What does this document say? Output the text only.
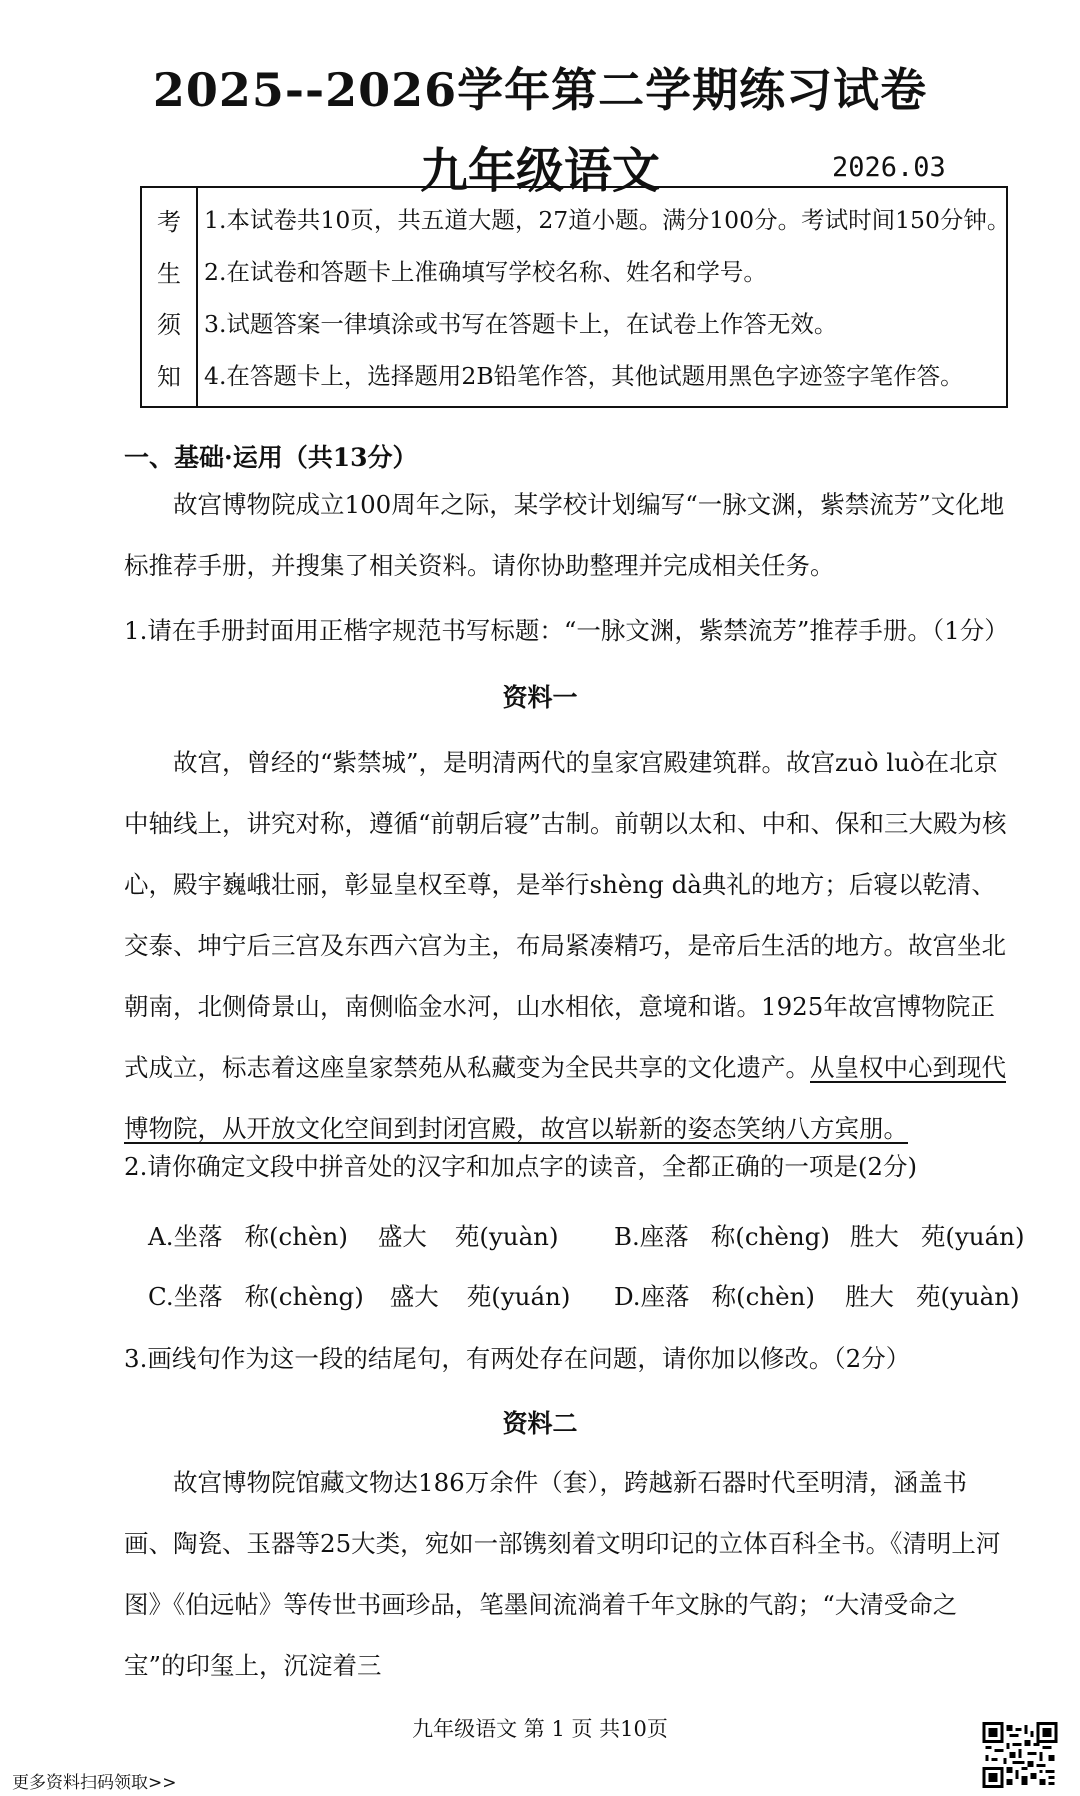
2025--2026学年第二学期练习试卷
九年级语文	2026.03
考
生
须
知
1.本试卷共10页，共五道大题，27道小题。满分100分。考试时间150分钟。
2.在试卷和答题卡上准确填写学校名称、姓名和学号。
3.试题答案一律填涂或书写在答题卡上，在试卷上作答无效。
4.在答题卡上，选择题用2B铅笔作答，其他试题用黑色字迹签字笔作答。
一、基础·运用（共13分）
故宫博物院成立100周年之际，某学校计划编写“一脉文渊，紫禁流芳”文化地标推荐手册，并搜集了相关资料。请你协助整理并完成相关任务。
1.请在手册封面用正楷字规范书写标题：“一脉文渊，紫禁流芳”推荐手册。（1分）
资料一
故宫，曾经的“紫禁城”，是明清两代的皇家宫殿建筑群。故宫zuò luò在北京中轴线上，讲究对称，遵循“前朝后寝”古制。前朝以太和、中和、保和三大殿为核心，殿宇巍峨壮丽，彰显皇权至尊，是举行shèng dà典礼的地方；后寝以乾清、交泰、坤宁后三宫及东西六宫为主，布局紧凑精巧，是帝后生活的地方。故宫坐北朝南，北侧倚景山，南侧临金水河，山水相依，意境和谐。1925年故宫博物院正式成立，标志着这座皇家禁苑从私藏变为全民共享的文化遗产。从皇权中心到现代博物院，从开放文化空间到封闭宫殿，故宫以崭新的姿态笑纳八方宾朋。
2.请你确定文段中拼音处的汉字和加点字的读音，全都正确的一项是(2分)
A.坐落 称(chèn) 盛大 苑(yuàn) B.座落 称(chèng) 胜大 苑(yuán)
C.坐落 称(chèng) 盛大 苑(yuán) D.座落 称(chèn) 胜大 苑(yuàn)
3.画线句作为这一段的结尾句，有两处存在问题，请你加以修改。（2分）
资料二
故宫博物院馆藏文物达186万余件（套），跨越新石器时代至明清，涵盖书画、陶瓷、玉器等25大类，宛如一部镌刻着文明印记的立体百科全书。《清明上河图》《伯远帖》等传世书画珍品，笔墨间流淌着千年文脉的气韵；“大清受命之宝”的印玺上，沉淀着三
九年级语文 第 1 页 共10页
更多资料扫码领取>>
